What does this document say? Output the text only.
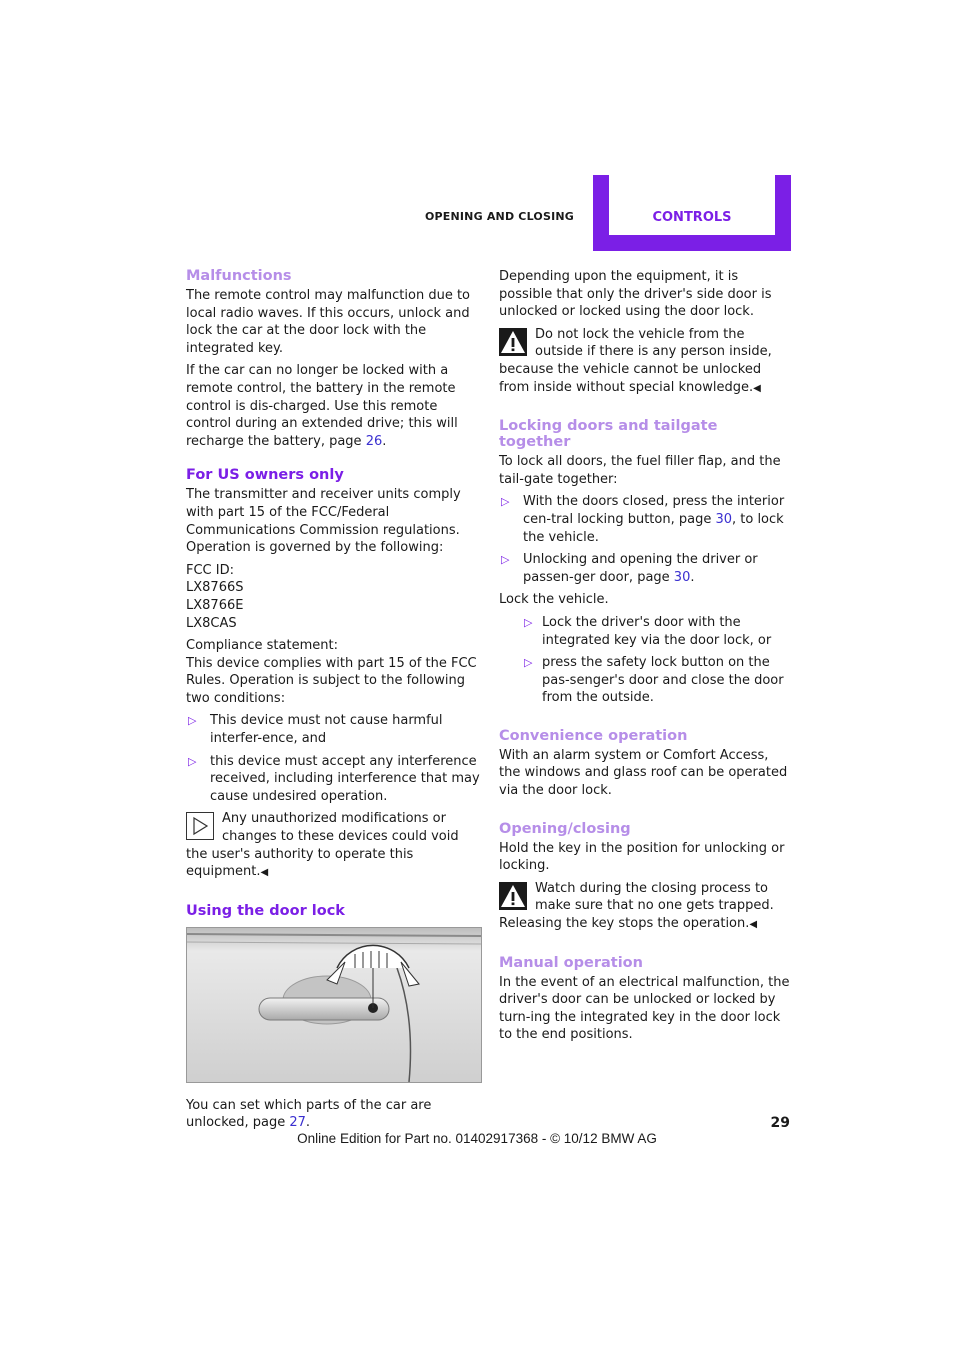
OPENING AND CLOSING	CONTROLS
Malfunctions

The remote control may malfunction due to local radio waves. If this occurs, unlock and lock the car at the door lock with the integrated key.

If the car can no longer be locked with a remote control, the battery in the remote control is dis-charged. Use this remote control during an extended drive; this will recharge the battery, page 26.

For US owners only

The transmitter and receiver units comply with part 15 of the FCC/Federal Communications Commission regulations. Operation is governed by the following:

FCC ID:
LX8766S
LX8766E
LX8CAS

Compliance statement:
This device complies with part 15 of the FCC Rules. Operation is subject to the following two conditions:

▷ This device must not cause harmful interfer-ence, and
▷ this device must accept any interference received, including interference that may cause undesired operation.
Any unauthorized modifications or changes to these devices could void the user's authority to operate this equipment.◀
Using the door lock

You can set which parts of the car are unlocked, page 27.

Depending upon the equipment, it is possible that only the driver's side door is unlocked or locked using the door lock.

Do not lock the vehicle from the outside if there is any person inside, because the vehicle cannot be unlocked from inside without special knowledge.◀
Locking doors and tailgate together

To lock all doors, the fuel filler flap, and the tail-gate together:

▷ With the doors closed, press the interior cen-tral locking button, page 30, to lock the vehicle.
▷ Unlocking and opening the driver or passen-ger door, page 30.

Lock the vehicle.

▷ Lock the driver's door with the integrated key via the door lock, or
▷ press the safety lock button on the pas-senger's door and close the door from the outside.
Convenience operation

With an alarm system or Comfort Access, the windows and glass roof can be operated via the door lock.

Opening/closing

Hold the key in the position for unlocking or locking.

Watch during the closing process to make sure that no one gets trapped. Releasing the key stops the operation.◀
Manual operation

In the event of an electrical malfunction, the driver's door can be unlocked or locked by turn-ing the integrated key in the door lock to the end positions.

29
Online Edition for Part no. 01402917368 - © 10/12 BMW AG
